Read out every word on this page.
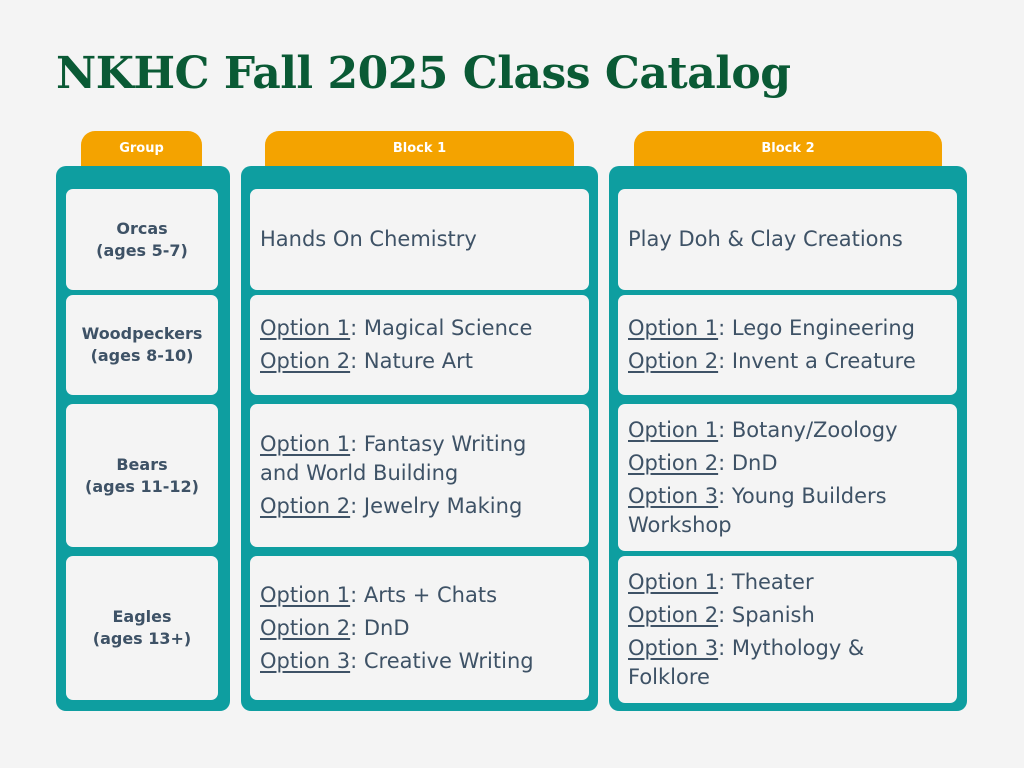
NKHC Fall 2025 Class Catalog
Group	Block 1	Block 2
Orcas
(ages 5-7)
Woodpeckers
(ages 8-10)
Bears
(ages 11-12)
Eagles
(ages 13+)
Hands On Chemistry
Option 1: Magical Science
Option 2: Nature Art
Option 1: Fantasy Writing
and World Building
Option 2: Jewelry Making
Option 1: Arts + Chats
Option 2: DnD
Option 3: Creative Writing
Play Doh & Clay Creations
Option 1: Lego Engineering
Option 2: Invent a Creature
Option 1: Botany/Zoology
Option 2: DnD
Option 3: Young Builders
Workshop
Option 1: Theater
Option 2: Spanish
Option 3: Mythology &
Folklore
